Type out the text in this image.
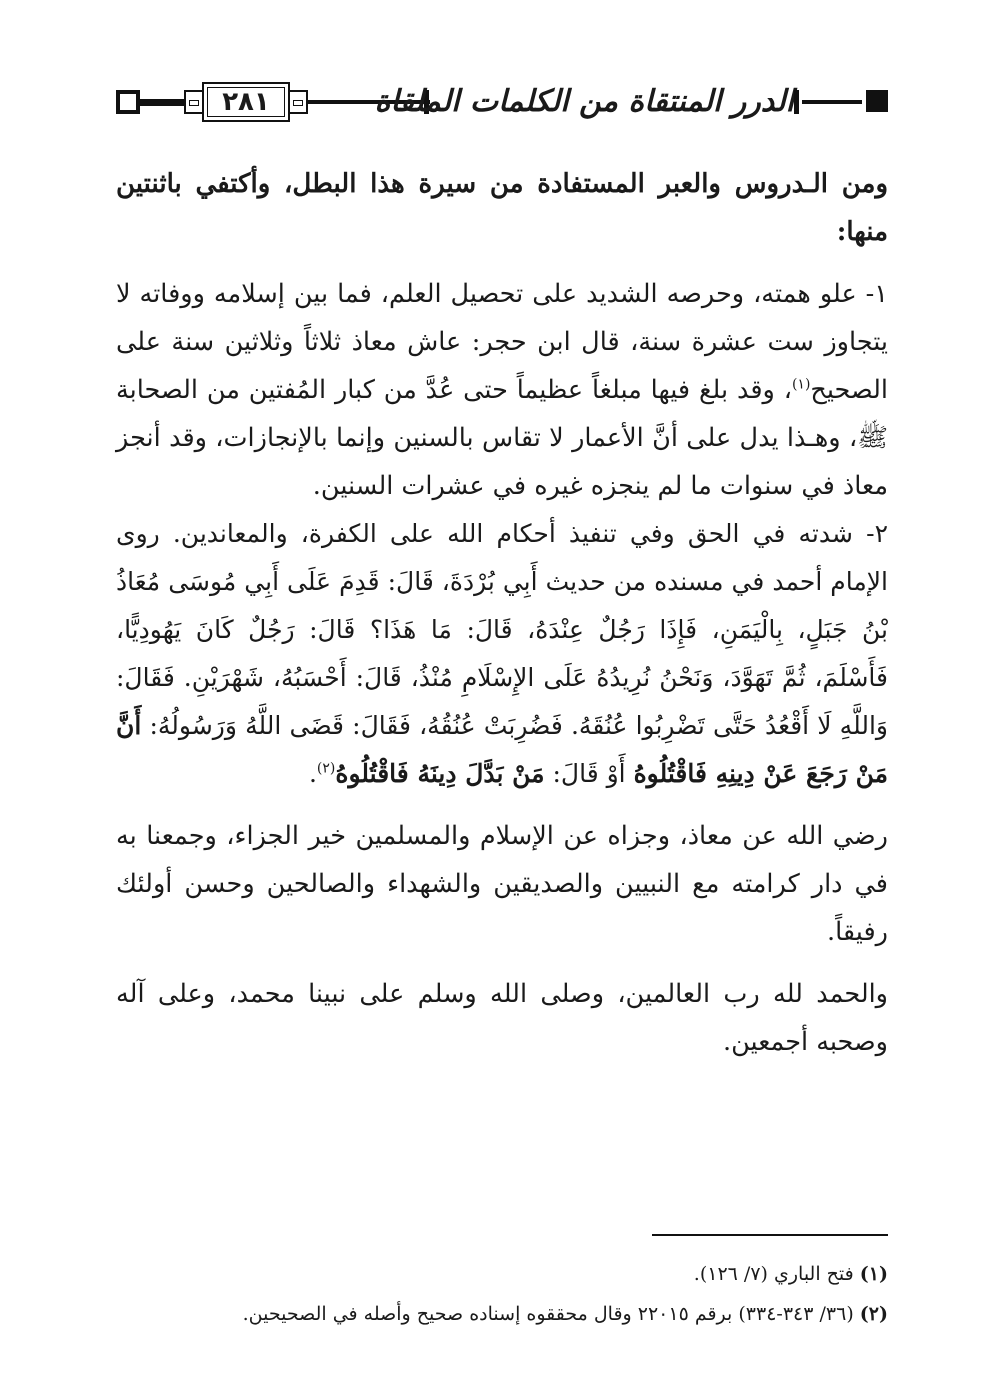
٢٨١	الدرر المنتقاة من الكلمات الملقاة

ومن الـدروس والعبر المستفادة من سيرة هذا البطل، وأكتفي باثنتين منها:

١- علو همته، وحرصه الشديد على تحصيل العلم، فما بين إسلامه ووفاته لا يتجاوز ست عشرة سنة، قال ابن حجر: عاش معاذ ثلاثاً وثلاثين سنة على الصحيح$^{(١)}$، وقد بلغ فيها مبلغاً عظيماً حتى عُدَّ من كبار المُفتين من الصحابة ﷺ، وهـذا يدل على أنَّ الأعمار لا تقاس بالسنين وإنما بالإنجازات، وقد أنجز معاذ في سنوات ما لم ينجزه غيره في عشرات السنين.

٢- شدته في الحق وفي تنفيذ أحكام الله على الكفرة، والمعاندين. روى الإمام أحمد في مسنده من حديث أَبِي بُرْدَةَ، قَالَ: قَدِمَ عَلَى أَبِي مُوسَى مُعَاذُ بْنُ جَبَلٍ، بِالْيَمَنِ، فَإِذَا رَجُلٌ عِنْدَهُ، قَالَ: مَا هَذَا؟ قَالَ: رَجُلٌ كَانَ يَهُودِيًّا، فَأَسْلَمَ، ثُمَّ تَهَوَّدَ، وَنَحْنُ نُرِيدُهُ عَلَى الإِسْلَامِ مُنْذُ، قَالَ: أَحْسَبُهُ، شَهْرَيْنِ. فَقَالَ: وَاللَّهِ لَا أَقْعُدُ حَتَّى تَضْرِبُوا عُنُقَهُ. فَضُرِبَتْ عُنُقُهُ، فَقَالَ: قَضَى اللَّهُ وَرَسُولُهُ: أَنَّ مَنْ رَجَعَ عَنْ دِينِهِ فَاقْتُلُوهُ أَوْ قَالَ: مَنْ بَدَّلَ دِينَهُ فَاقْتُلُوهُ$^{(٢)}$.

رضي الله عن معاذ، وجزاه عن الإسلام والمسلمين خير الجزاء، وجمعنا به في دار كرامته مع النبيين والصديقين والشهداء والصالحين وحسن أولئك رفيقاً.

والحمد لله رب العالمين، وصلى الله وسلم على نبينا محمد، وعلى آله وصحبه أجمعين.

(١) فتح الباري (٧/ ١٢٦).

(٢) (٣٦/ ٣٤٣-٣٣٤) برقم ٢٢٠١٥ وقال محققوه إسناده صحيح وأصله في الصحيحين.
